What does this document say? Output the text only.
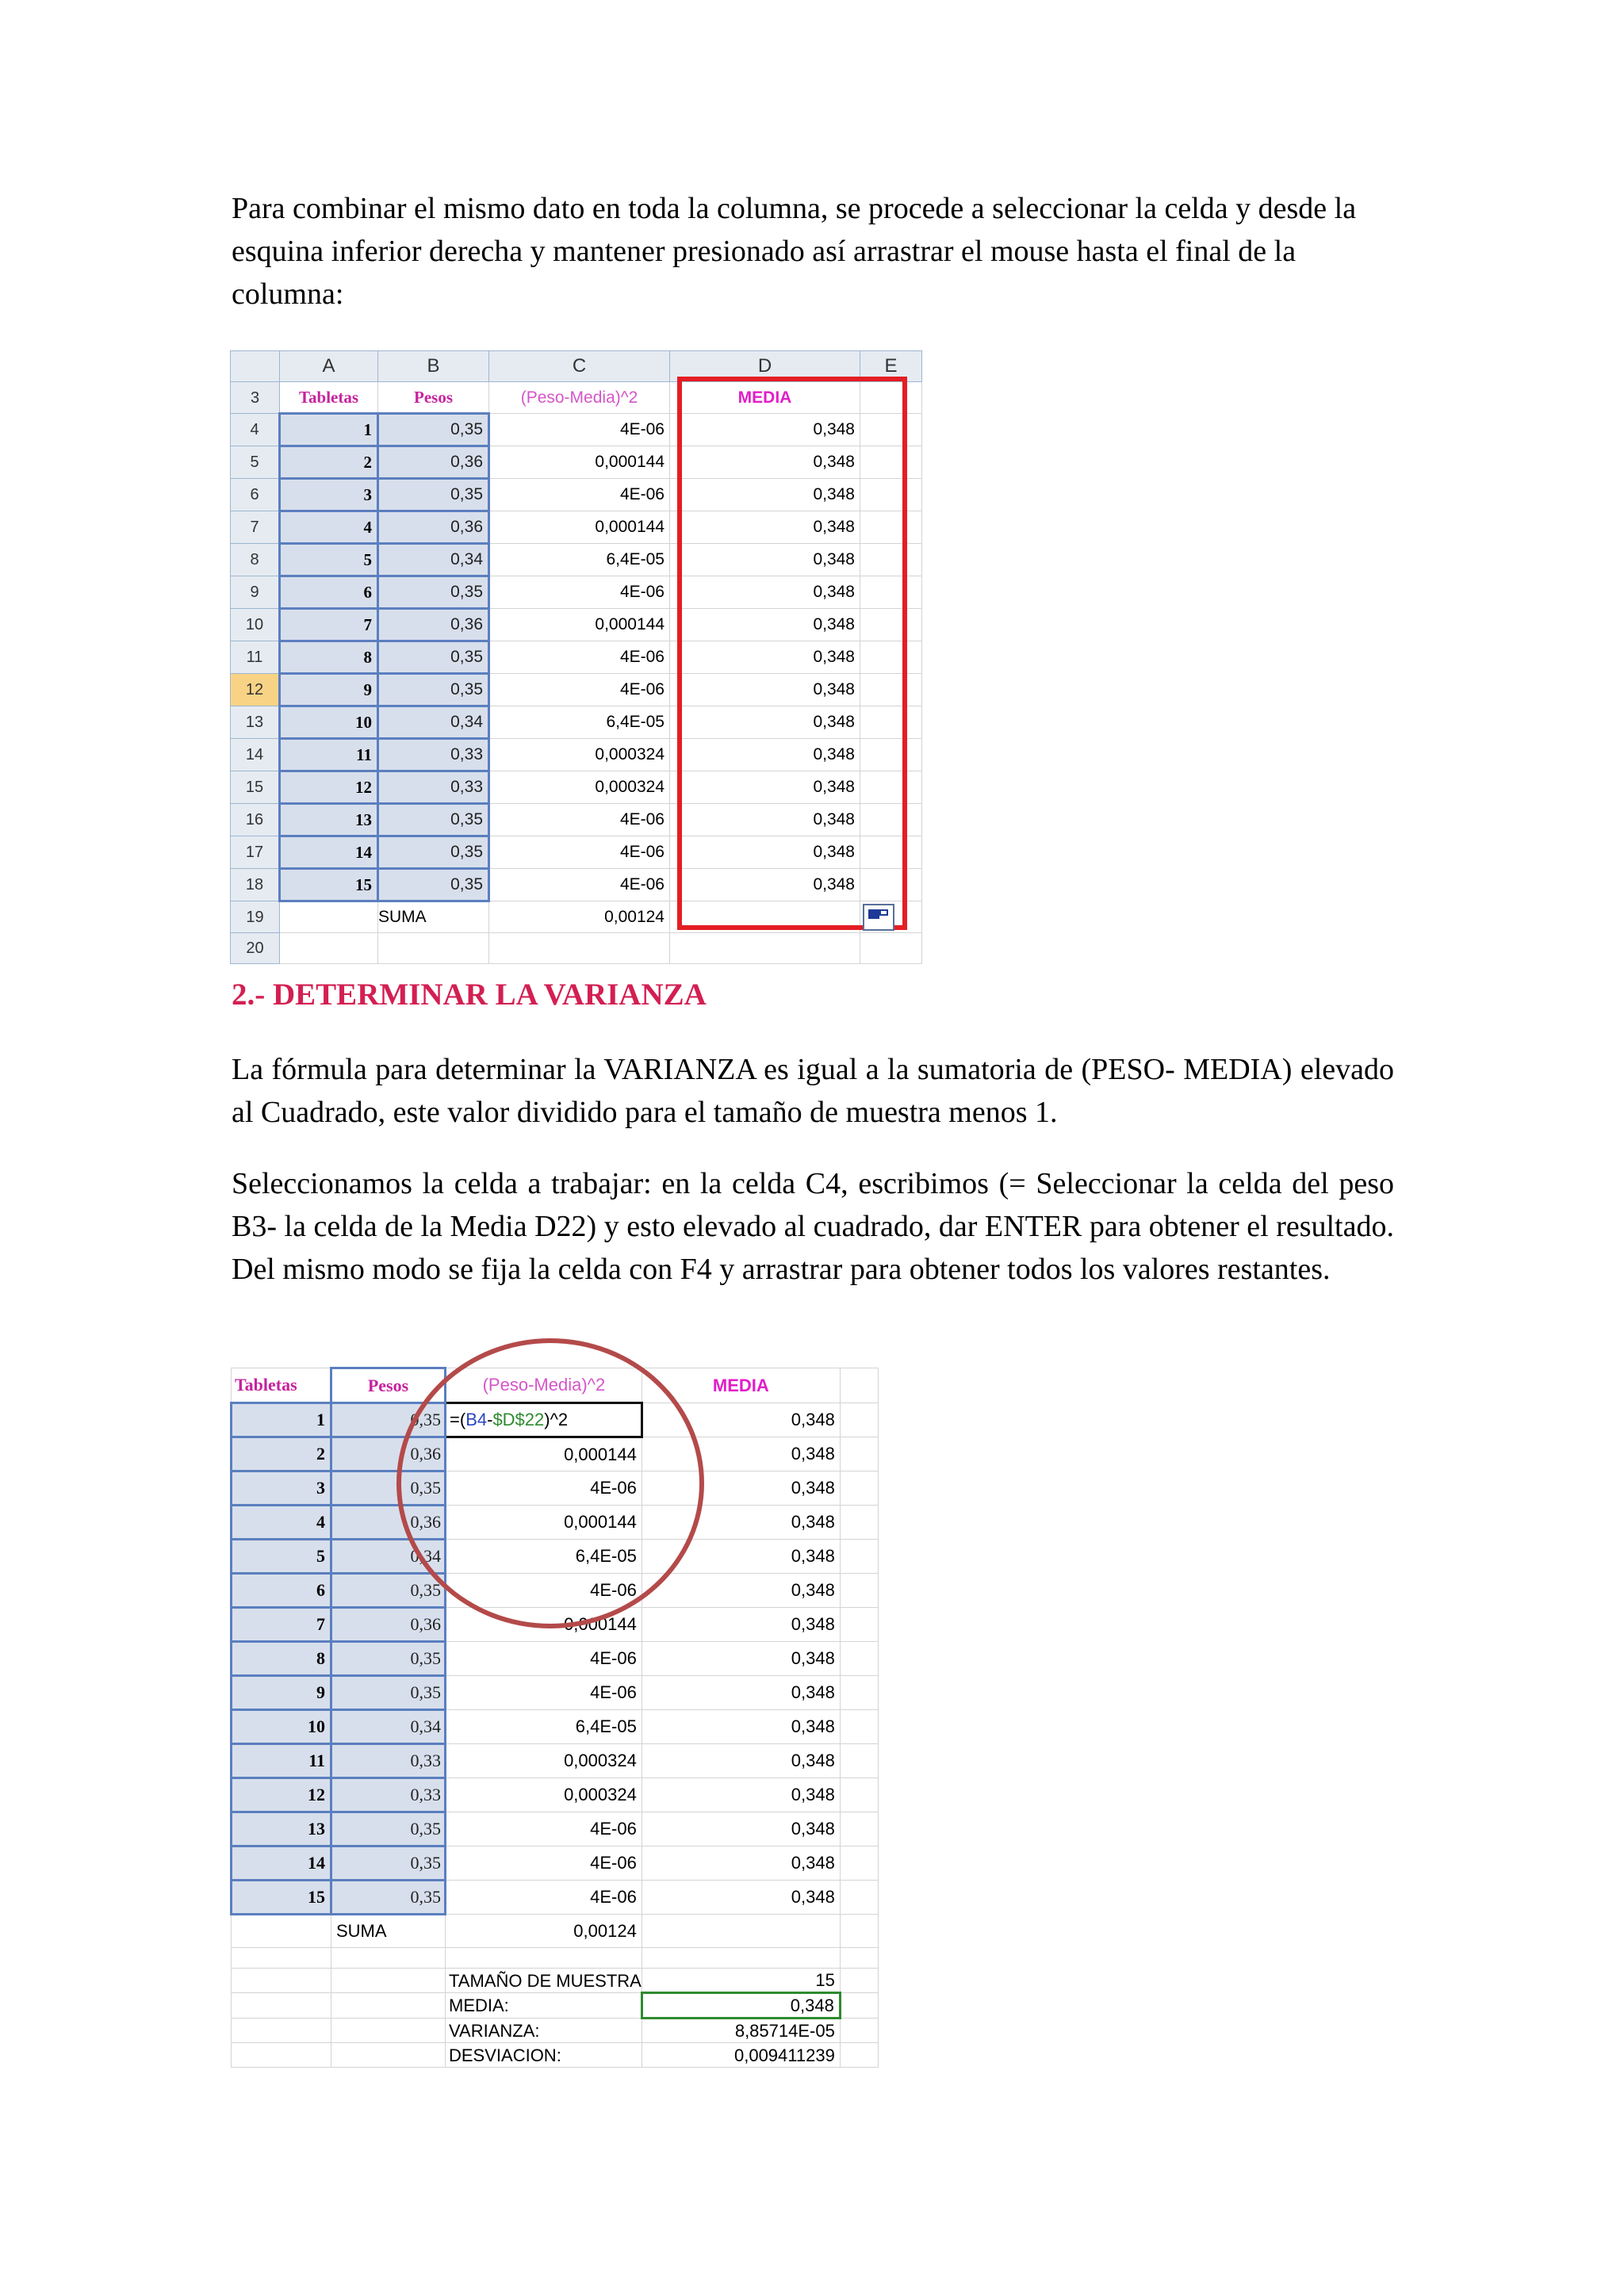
Para combinar el mismo dato en toda la columna, se procede a seleccionar la celda y desde la esquina inferior derecha y mantener presionado así arrastrar el mouse hasta el final de la columna:

	A	B	C	D	E
3	Tabletas	Pesos	(Peso-Media)^2	MEDIA	
4	1	0,35	4E-06	0,348	
5	2	0,36	0,000144	0,348	
6	3	0,35	4E-06	0,348	
7	4	0,36	0,000144	0,348	
8	5	0,34	6,4E-05	0,348	
9	6	0,35	4E-06	0,348	
10	7	0,36	0,000144	0,348	
11	8	0,35	4E-06	0,348	
12	9	0,35	4E-06	0,348	
13	10	0,34	6,4E-05	0,348	
14	11	0,33	0,000324	0,348	
15	12	0,33	0,000324	0,348	
16	13	0,35	4E-06	0,348	
17	14	0,35	4E-06	0,348	
18	15	0,35	4E-06	0,348	
19		SUMA	0,00124		
20					
2.- DETERMINAR LA VARIANZA

La fórmula para determinar la VARIANZA es igual a la sumatoria de (PESO- MEDIA) elevado al Cuadrado, este valor dividido para el tamaño de muestra menos 1.

Seleccionamos la celda a trabajar: en la celda C4, escribimos (= Seleccionar la celda del peso B3- la celda de la Media D22) y esto elevado al cuadrado, dar ENTER para obtener el resultado. Del mismo modo se fija la celda con F4 y arrastrar para obtener todos los valores restantes.

Tabletas	Pesos	(Peso-Media)^2	MEDIA	
1	0,35	=(B4-$D$22)^2	0,348	
2	0,36	0,000144	0,348	
3	0,35	4E-06	0,348	
4	0,36	0,000144	0,348	
5	0,34	6,4E-05	0,348	
6	0,35	4E-06	0,348	
7	0,36	0,000144	0,348	
8	0,35	4E-06	0,348	
9	0,35	4E-06	0,348	
10	0,34	6,4E-05	0,348	
11	0,33	0,000324	0,348	
12	0,33	0,000324	0,348	
13	0,35	4E-06	0,348	
14	0,35	4E-06	0,348	
15	0,35	4E-06	0,348	
	SUMA	0,00124		

		TAMAÑO DE MUESTRA	15	
		MEDIA:	0,348	
		VARIANZA:	8,85714E-05	
		DESVIACION:	0,009411239	
